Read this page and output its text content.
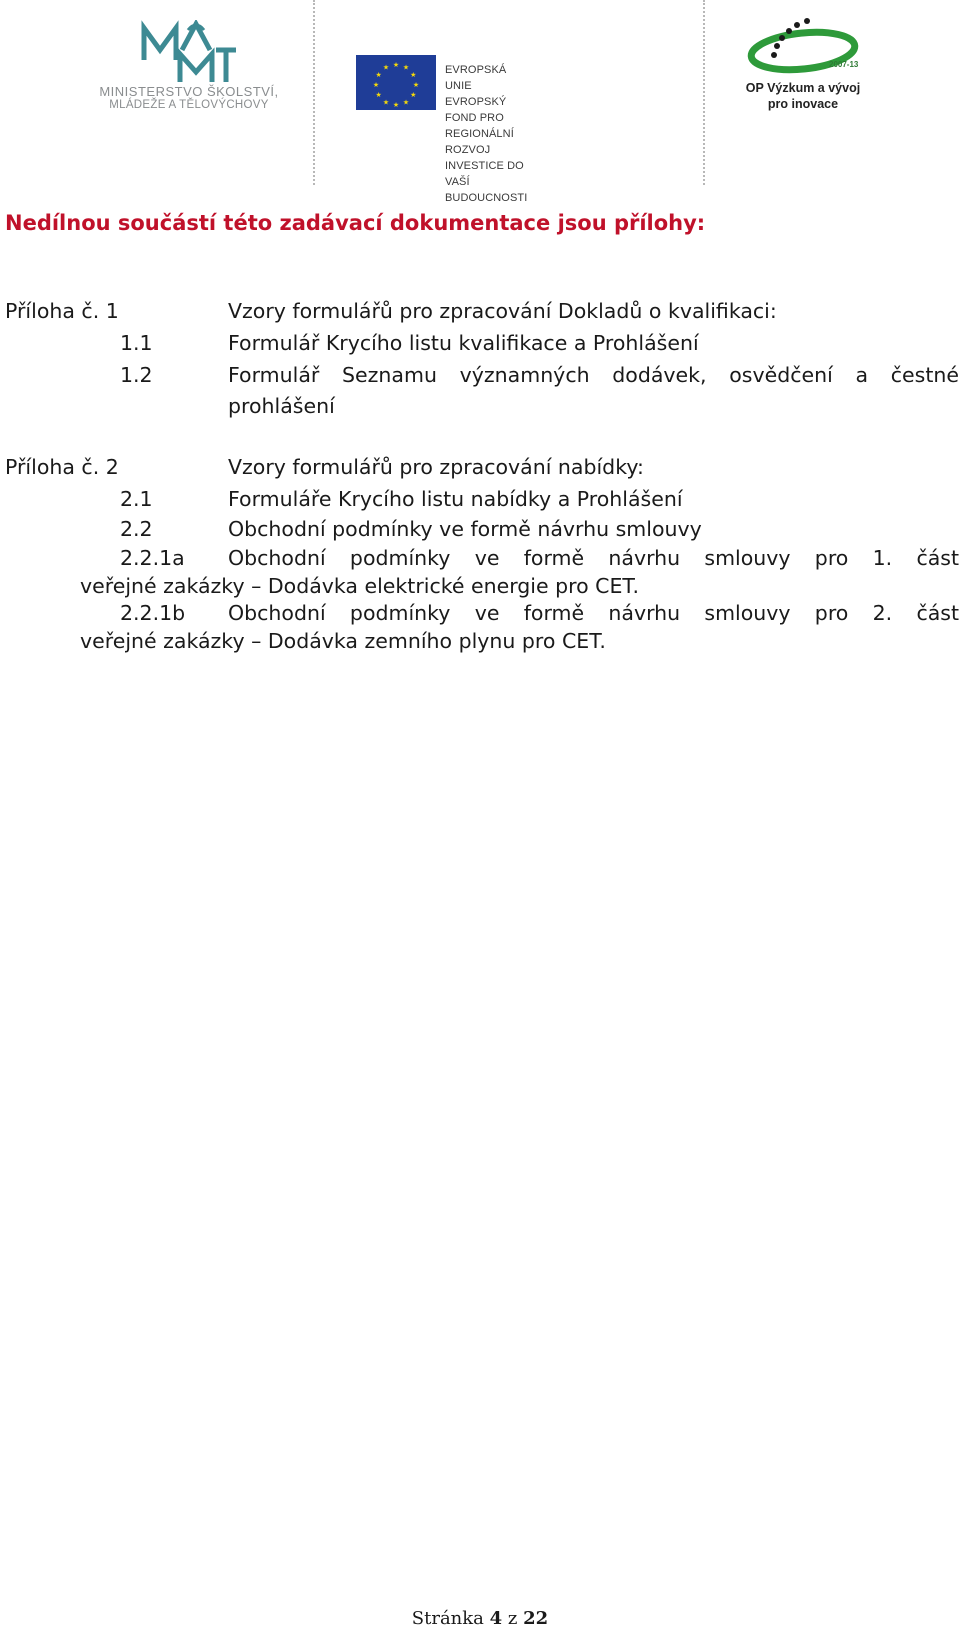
MINISTERSTVO ŠKOLSTVÍ,
MLÁDEŽE A TĚLOVÝCHOVY
★ ★
★
★
★
★
★
★
★
★
★
★	EVROPSKÁ UNIE
EVROPSKÝ FOND PRO REGIONÁLNÍ ROZVOJ
INVESTICE DO VAŠÍ BUDOUCNOSTI
2007-13
OP Výzkum a vývoj
pro inovace
Nedílnou součástí této zadávací dokumentace jsou přílohy:
Příloha č. 1	Vzory formulářů pro zpracování Dokladů o kvalifikaci:
1.1	Formulář Krycího listu kvalifikace a Prohlášení
1.2	Formulář Seznamu významných dodávek, osvědčení a čestné
prohlášení
Příloha č. 2	Vzory formulářů pro zpracování nabídky:
2.1	Formuláře Krycího listu nabídky a Prohlášení
2.2	Obchodní podmínky ve formě návrhu smlouvy
2.2.1a Obchodní podmínky ve formě návrhu smlouvy pro 1. část
veřejné zakázky – Dodávka elektrické energie pro CET.
2.2.1b Obchodní podmínky ve formě návrhu smlouvy pro 2. část
veřejné zakázky – Dodávka zemního plynu pro CET.
Stránka 4 z 22
